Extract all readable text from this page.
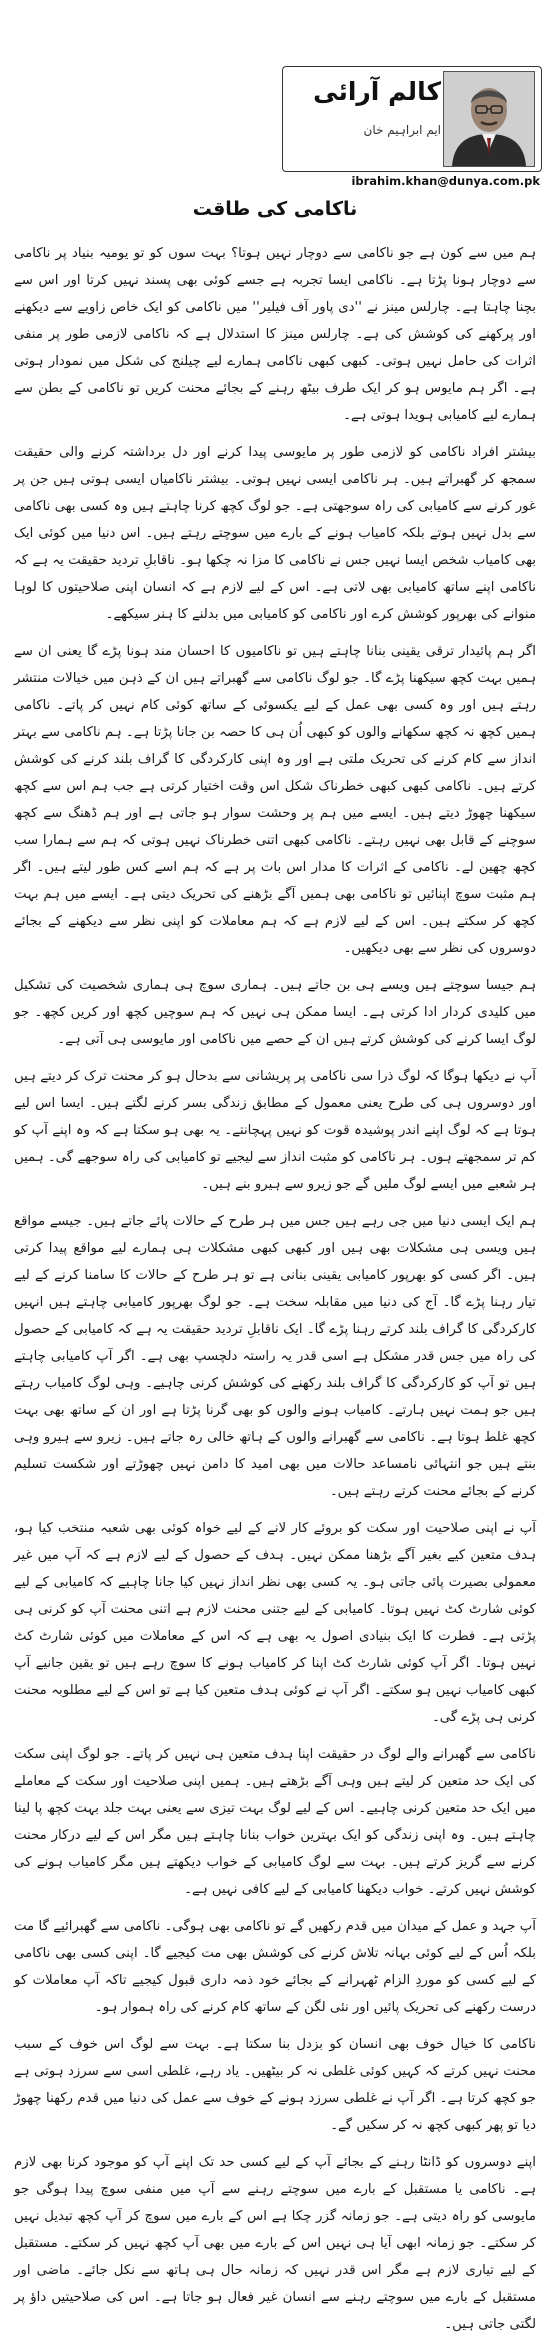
کالم آرائی
ایم ابراہیم خان
ibrahim.khan@dunya.com.pk
ناکامی کی طاقت

ہم میں سے کون ہے جو ناکامی سے دوچار نہیں ہوتا؟ بہت سوں کو تو یومیہ بنیاد پر ناکامی سے دوچار ہونا پڑتا ہے۔ ناکامی ایسا تجربہ ہے جسے کوئی بھی پسند نہیں کرتا اور اس سے بچنا چاہتا ہے۔ چارلس مینز نے ''دی پاور آف فیلیر'' میں ناکامی کو ایک خاص زاویے سے دیکھنے اور پرکھنے کی کوشش کی ہے۔ چارلس مینز کا استدلال ہے کہ ناکامی لازمی طور پر منفی اثرات کی حامل نہیں ہوتی۔ کبھی کبھی ناکامی ہمارے لیے چیلنج کی شکل میں نمودار ہوتی ہے۔ اگر ہم مایوس ہو کر ایک طرف بیٹھ رہنے کے بجائے محنت کریں تو ناکامی کے بطن سے ہمارے لیے کامیابی ہویدا ہوتی ہے۔

بیشتر افراد ناکامی کو لازمی طور پر مایوسی پیدا کرنے اور دل برداشتہ کرنے والی حقیقت سمجھ کر گھبراتے ہیں۔ ہر ناکامی ایسی نہیں ہوتی۔ بیشتر ناکامیاں ایسی ہوتی ہیں جن پر غور کرنے سے کامیابی کی راہ سوجھتی ہے۔ جو لوگ کچھ کرنا چاہتے ہیں وہ کسی بھی ناکامی سے بدل نہیں ہوتے بلکہ کامیاب ہونے کے بارے میں سوچتے رہتے ہیں۔ اس دنیا میں کوئی ایک بھی کامیاب شخص ایسا نہیں جس نے ناکامی کا مزا نہ چکھا ہو۔ ناقابلِ تردید حقیقت یہ ہے کہ ناکامی اپنے ساتھ کامیابی بھی لاتی ہے۔ اس کے لیے لازم ہے کہ انسان اپنی صلاحیتوں کا لوہا منوانے کی بھرپور کوشش کرے اور ناکامی کو کامیابی میں بدلنے کا ہنر سیکھے۔

اگر ہم پائیدار ترقی یقینی بنانا چاہتے ہیں تو ناکامیوں کا احسان مند ہونا پڑے گا یعنی ان سے ہمیں بہت کچھ سیکھنا پڑے گا۔ جو لوگ ناکامی سے گھبراتے ہیں ان کے ذہن میں خیالات منتشر رہتے ہیں اور وہ کسی بھی عمل کے لیے یکسوئی کے ساتھ کوئی کام نہیں کر پاتے۔ ناکامی ہمیں کچھ نہ کچھ سکھانے والوں کو کبھی اُن ہی کا حصہ بن جانا پڑتا ہے۔ ہم ناکامی سے بہتر انداز سے کام کرنے کی تحریک ملتی ہے اور وہ اپنی کارکردگی کا گراف بلند کرنے کی کوشش کرتے ہیں۔ ناکامی کبھی کبھی خطرناک شکل اس وقت اختیار کرتی ہے جب ہم اس سے کچھ سیکھنا چھوڑ دیتے ہیں۔ ایسے میں ہم پر وحشت سوار ہو جاتی ہے اور ہم ڈھنگ سے کچھ سوچنے کے قابل بھی نہیں رہتے۔ ناکامی کبھی اتنی خطرناک نہیں ہوتی کہ ہم سے ہمارا سب کچھ چھین لے۔ ناکامی کے اثرات کا مدار اس بات پر ہے کہ ہم اسے کس طور لیتے ہیں۔ اگر ہم مثبت سوچ اپنائیں تو ناکامی بھی ہمیں آگے بڑھنے کی تحریک دیتی ہے۔ ایسے میں ہم بہت کچھ کر سکتے ہیں۔ اس کے لیے لازم ہے کہ ہم معاملات کو اپنی نظر سے دیکھنے کے بجائے دوسروں کی نظر سے بھی دیکھیں۔

ہم جیسا سوچتے ہیں ویسے ہی بن جاتے ہیں۔ ہماری سوچ ہی ہماری شخصیت کی تشکیل میں کلیدی کردار ادا کرتی ہے۔ ایسا ممکن ہی نہیں کہ ہم سوچیں کچھ اور کریں کچھ۔ جو لوگ ایسا کرنے کی کوشش کرتے ہیں ان کے حصے میں ناکامی اور مایوسی ہی آتی ہے۔

آپ نے دیکھا ہوگا کہ لوگ ذرا سی ناکامی پر پریشانی سے بدحال ہو کر محنت ترک کر دیتے ہیں اور دوسروں ہی کی طرح یعنی معمول کے مطابق زندگی بسر کرنے لگتے ہیں۔ ایسا اس لیے ہوتا ہے کہ لوگ اپنے اندر پوشیدہ قوت کو نہیں پہچانتے۔ یہ بھی ہو سکتا ہے کہ وہ اپنے آپ کو کم تر سمجھتے ہوں۔ ہر ناکامی کو مثبت انداز سے لیجیے تو کامیابی کی راہ سوجھے گی۔ ہمیں ہر شعبے میں ایسے لوگ ملیں گے جو زیرو سے ہیرو بنے ہیں۔

ہم ایک ایسی دنیا میں جی رہے ہیں جس میں ہر طرح کے حالات پائے جاتے ہیں۔ جیسے مواقع ہیں ویسی ہی مشکلات بھی ہیں اور کبھی کبھی مشکلات ہی ہمارے لیے مواقع پیدا کرتی ہیں۔ اگر کسی کو بھرپور کامیابی یقینی بنانی ہے تو ہر طرح کے حالات کا سامنا کرنے کے لیے تیار رہنا پڑے گا۔ آج کی دنیا میں مقابلہ سخت ہے۔ جو لوگ بھرپور کامیابی چاہتے ہیں انہیں کارکردگی کا گراف بلند کرتے رہنا پڑے گا۔ ایک ناقابلِ تردید حقیقت یہ ہے کہ کامیابی کے حصول کی راہ میں جس قدر مشکل ہے اسی قدر یہ راستہ دلچسپ بھی ہے۔ اگر آپ کامیابی چاہتے ہیں تو آپ کو کارکردگی کا گراف بلند رکھنے کی کوشش کرنی چاہیے۔ وہی لوگ کامیاب رہتے ہیں جو ہمت نہیں ہارتے۔ کامیاب ہونے والوں کو بھی گرنا پڑتا ہے اور ان کے ساتھ بھی بہت کچھ غلط ہوتا ہے۔ ناکامی سے گھبرانے والوں کے ہاتھ خالی رہ جاتے ہیں۔ زیرو سے ہیرو وہی بنتے ہیں جو انتہائی نامساعد حالات میں بھی امید کا دامن نہیں چھوڑتے اور شکست تسلیم کرنے کے بجائے محنت کرتے رہتے ہیں۔

آپ نے اپنی صلاحیت اور سکت کو بروئے کار لانے کے لیے خواہ کوئی بھی شعبہ منتخب کیا ہو، ہدف متعین کیے بغیر آگے بڑھنا ممکن نہیں۔ ہدف کے حصول کے لیے لازم ہے کہ آپ میں غیر معمولی بصیرت پائی جاتی ہو۔ یہ کسی بھی نظر انداز نہیں کیا جانا چاہیے کہ کامیابی کے لیے کوئی شارٹ کٹ نہیں ہوتا۔ کامیابی کے لیے جتنی محنت لازم ہے اتنی محنت آپ کو کرنی ہی پڑتی ہے۔ فطرت کا ایک بنیادی اصول یہ بھی ہے کہ اس کے معاملات میں کوئی شارٹ کٹ نہیں ہوتا۔ اگر آپ کوئی شارٹ کٹ اپنا کر کامیاب ہونے کا سوچ رہے ہیں تو یقین جانیے آپ کبھی کامیاب نہیں ہو سکتے۔ اگر آپ نے کوئی ہدف متعین کیا ہے تو اس کے لیے مطلوبہ محنت کرنی ہی پڑے گی۔

ناکامی سے گھبرانے والے لوگ در حقیقت اپنا ہدف متعین ہی نہیں کر پاتے۔ جو لوگ اپنی سکت کی ایک حد متعین کر لیتے ہیں وہی آگے بڑھتے ہیں۔ ہمیں اپنی صلاحیت اور سکت کے معاملے میں ایک حد متعین کرنی چاہیے۔ اس کے لیے لوگ بہت تیزی سے یعنی بہت جلد بہت کچھ پا لینا چاہتے ہیں۔ وہ اپنی زندگی کو ایک بہترین خواب بنانا چاہتے ہیں مگر اس کے لیے درکار محنت کرنے سے گریز کرتے ہیں۔ بہت سے لوگ کامیابی کے خواب دیکھتے ہیں مگر کامیاب ہونے کی کوشش نہیں کرتے۔ خواب دیکھنا کامیابی کے لیے کافی نہیں ہے۔

آپ جہد و عمل کے میدان میں قدم رکھیں گے تو ناکامی بھی ہوگی۔ ناکامی سے گھبرائیے گا مت بلکہ اُس کے لیے کوئی بہانہ تلاش کرنے کی کوشش بھی مت کیجیے گا۔ اپنی کسی بھی ناکامی کے لیے کسی کو موردِ الزام ٹھہرانے کے بجائے خود ذمہ داری قبول کیجیے تاکہ آپ معاملات کو درست رکھنے کی تحریک پائیں اور نئی لگن کے ساتھ کام کرنے کی راہ ہموار ہو۔

ناکامی کا خیال خوف بھی انسان کو بزدل بنا سکتا ہے۔ بہت سے لوگ اس خوف کے سبب محنت نہیں کرتے کہ کہیں کوئی غلطی نہ کر بیٹھیں۔ یاد رہے، غلطی اسی سے سرزد ہوتی ہے جو کچھ کرتا ہے۔ اگر آپ نے غلطی سرزد ہونے کے خوف سے عمل کی دنیا میں قدم رکھنا چھوڑ دیا تو پھر کبھی کچھ نہ کر سکیں گے۔

اپنے دوسروں کو ڈانٹا رہنے کے بجائے آپ کے لیے کسی حد تک اپنے آپ کو موجود کرنا بھی لازم ہے۔ ناکامی یا مستقبل کے بارے میں سوچتے رہنے سے آپ میں منفی سوچ پیدا ہوگی جو مایوسی کو راہ دیتی ہے۔ جو زمانہ گزر چکا ہے اس کے بارے میں سوچ کر آپ کچھ تبدیل نہیں کر سکتے۔ جو زمانہ ابھی آیا ہی نہیں اس کے بارے میں بھی آپ کچھ نہیں کر سکتے۔ مستقبل کے لیے تیاری لازم ہے مگر اس قدر نہیں کہ زمانہ حال ہی ہاتھ سے نکل جائے۔ ماضی اور مستقبل کے بارے میں سوچتے رہنے سے انسان غیر فعال ہو جاتا ہے۔ اس کی صلاحیتیں داؤ پر لگتی جاتی ہیں۔
